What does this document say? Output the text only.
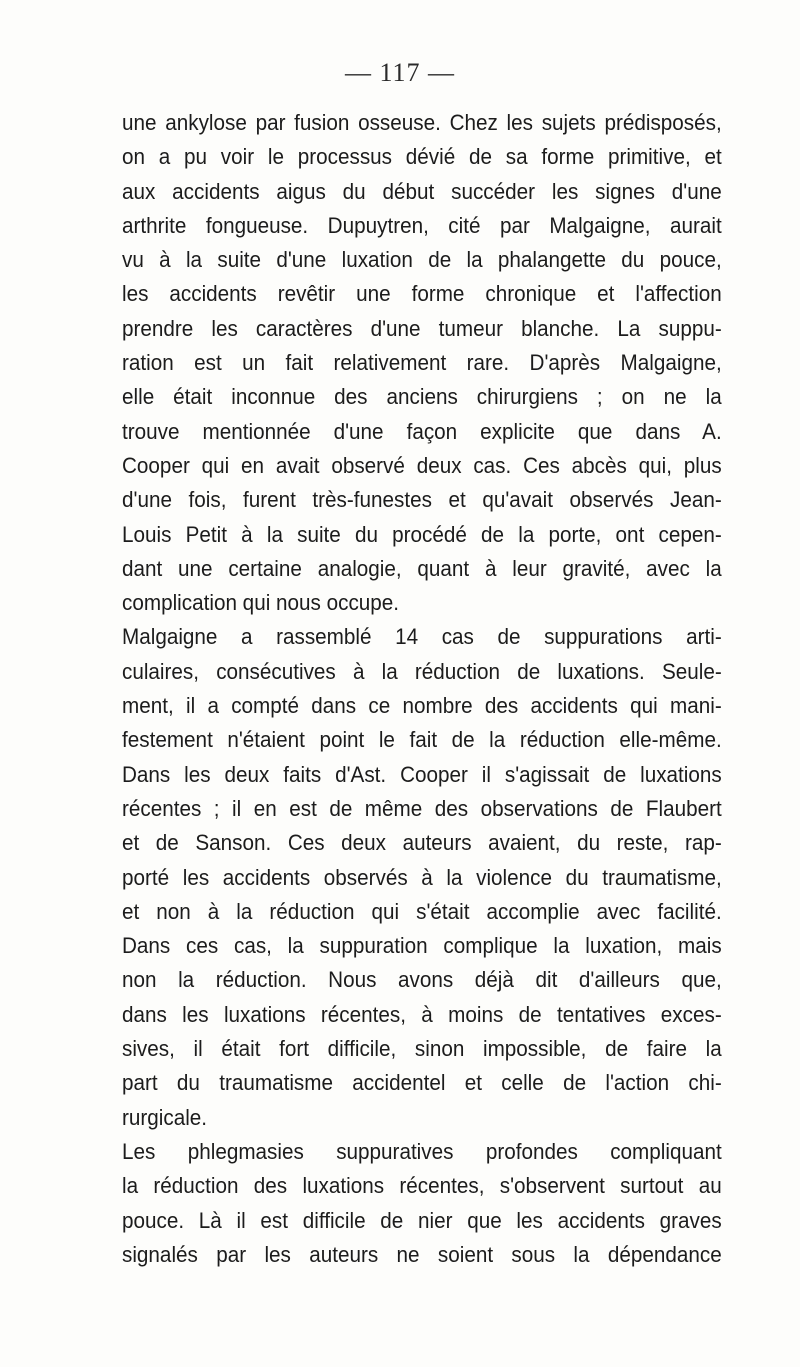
— 117 —
une ankylose par fusion osseuse. Chez les sujets prédisposés,
on a pu voir le processus dévié de sa forme primitive, et
aux accidents aigus du début succéder les signes d'une
arthrite fongueuse. Dupuytren, cité par Malgaigne, aurait
vu à la suite d'une luxation de la phalangette du pouce,
les accidents revêtir une forme chronique et l'affection
prendre les caractères d'une tumeur blanche. La suppu-
ration est un fait relativement rare. D'après Malgaigne,
elle était inconnue des anciens chirurgiens ; on ne la
trouve mentionnée d'une façon explicite que dans A.
Cooper qui en avait observé deux cas. Ces abcès qui, plus
d'une fois, furent très-funestes et qu'avait observés Jean-
Louis Petit à la suite du procédé de la porte, ont cepen-
dant une certaine analogie, quant à leur gravité, avec la
complication qui nous occupe.
Malgaigne a rassemblé 14 cas de suppurations arti-
culaires, consécutives à la réduction de luxations. Seule-
ment, il a compté dans ce nombre des accidents qui mani-
festement n'étaient point le fait de la réduction elle-même.
Dans les deux faits d'Ast. Cooper il s'agissait de luxations
récentes ; il en est de même des observations de Flaubert
et de Sanson. Ces deux auteurs avaient, du reste, rap-
porté les accidents observés à la violence du traumatisme,
et non à la réduction qui s'était accomplie avec facilité.
Dans ces cas, la suppuration complique la luxation, mais
non la réduction. Nous avons déjà dit d'ailleurs que,
dans les luxations récentes, à moins de tentatives exces-
sives, il était fort difficile, sinon impossible, de faire la
part du traumatisme accidentel et celle de l'action chi-
rurgicale.
Les phlegmasies suppuratives profondes compliquant
la réduction des luxations récentes, s'observent surtout au
pouce. Là il est difficile de nier que les accidents graves
signalés par les auteurs ne soient sous la dépendance
